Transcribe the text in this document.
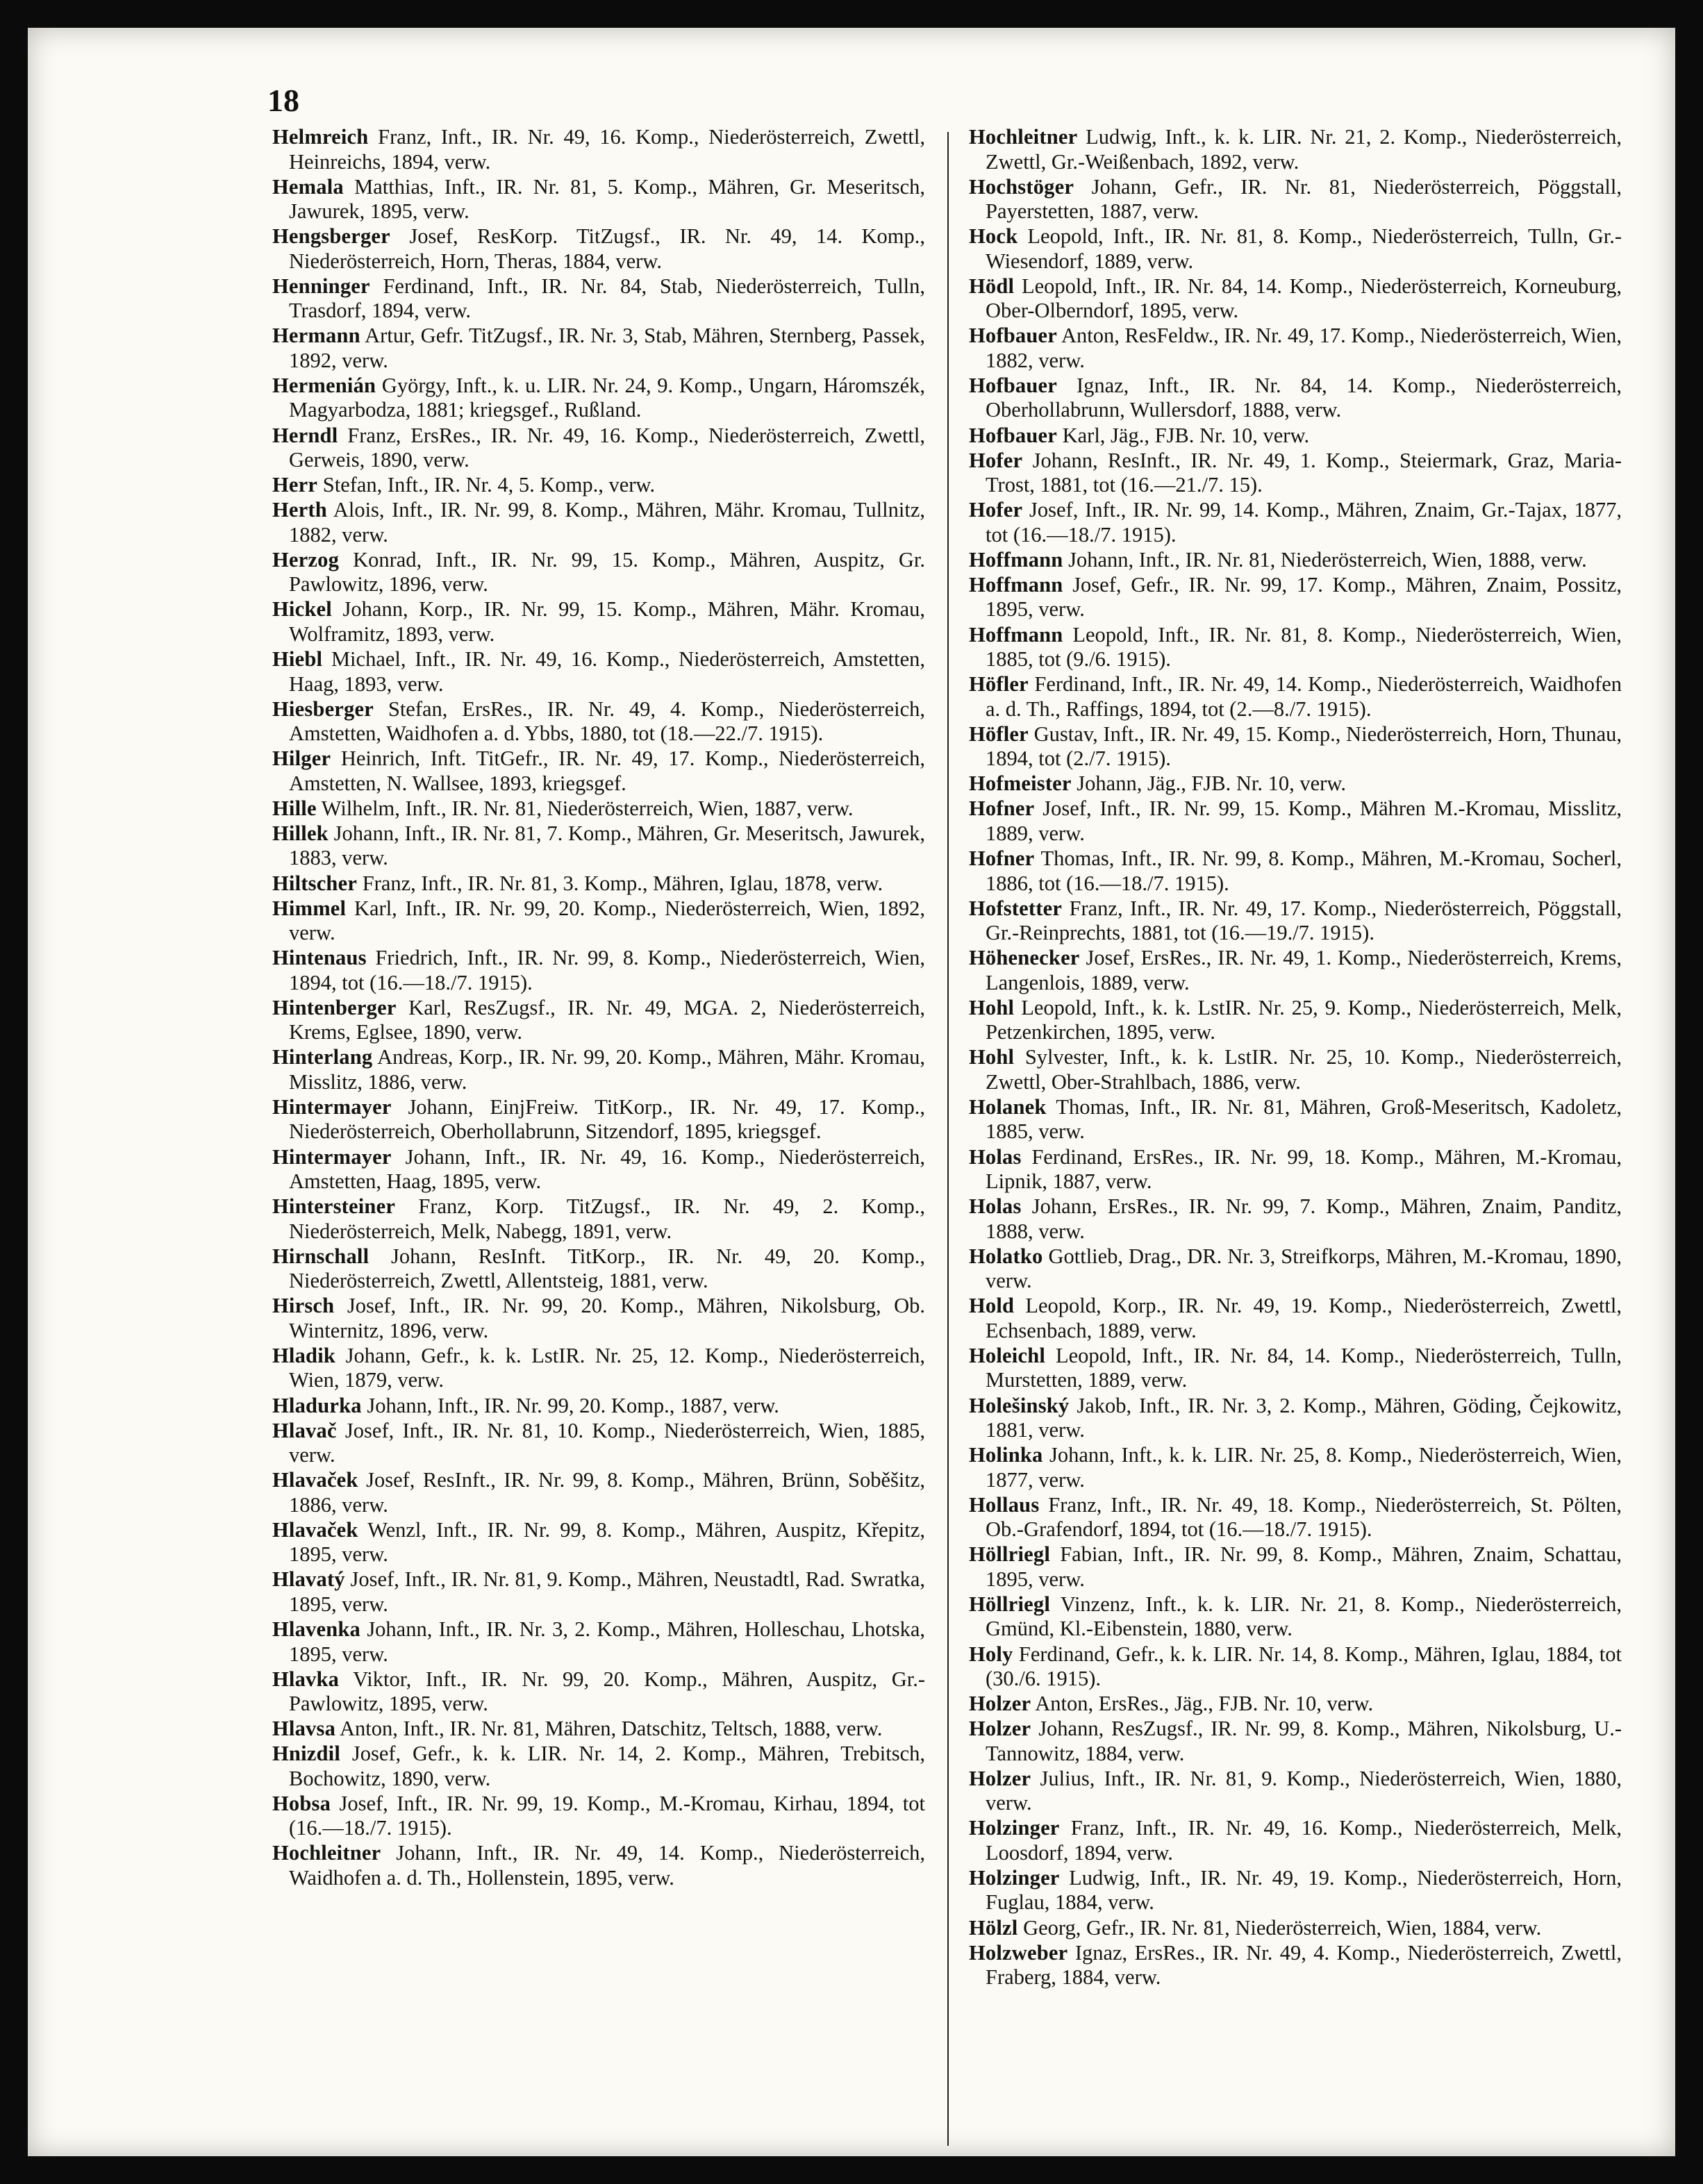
18

Helmreich Franz, Inft., IR. Nr. 49, 16. Komp., Niederösterreich, Zwettl, Heinreichs, 1894, verw.

Hemala Matthias, Inft., IR. Nr. 81, 5. Komp., Mähren, Gr. Meseritsch, Jawurek, 1895, verw.

Hengsberger Josef, ResKorp. TitZugsf., IR. Nr. 49, 14. Komp., Niederösterreich, Horn, Theras, 1884, verw.

Henninger Ferdinand, Inft., IR. Nr. 84, Stab, Niederösterreich, Tulln, Trasdorf, 1894, verw.

Hermann Artur, Gefr. TitZugsf., IR. Nr. 3, Stab, Mähren, Sternberg, Passek, 1892, verw.

Hermenián György, Inft., k. u. LIR. Nr. 24, 9. Komp., Ungarn, Háromszék, Magyarbodza, 1881; kriegsgef., Rußland.

Herndl Franz, ErsRes., IR. Nr. 49, 16. Komp., Niederösterreich, Zwettl, Gerweis, 1890, verw.

Herr Stefan, Inft., IR. Nr. 4, 5. Komp., verw.

Herth Alois, Inft., IR. Nr. 99, 8. Komp., Mähren, Mähr. Kromau, Tullnitz, 1882, verw.

Herzog Konrad, Inft., IR. Nr. 99, 15. Komp., Mähren, Auspitz, Gr. Pawlowitz, 1896, verw.

Hickel Johann, Korp., IR. Nr. 99, 15. Komp., Mähren, Mähr. Kromau, Wolframitz, 1893, verw.

Hiebl Michael, Inft., IR. Nr. 49, 16. Komp., Niederösterreich, Amstetten, Haag, 1893, verw.

Hiesberger Stefan, ErsRes., IR. Nr. 49, 4. Komp., Niederösterreich, Amstetten, Waidhofen a. d. Ybbs, 1880, tot (18.—22./7. 1915).

Hilger Heinrich, Inft. TitGefr., IR. Nr. 49, 17. Komp., Niederösterreich, Amstetten, N. Wallsee, 1893, kriegsgef.

Hille Wilhelm, Inft., IR. Nr. 81, Niederösterreich, Wien, 1887, verw.

Hillek Johann, Inft., IR. Nr. 81, 7. Komp., Mähren, Gr. Meseritsch, Jawurek, 1883, verw.

Hiltscher Franz, Inft., IR. Nr. 81, 3. Komp., Mähren, Iglau, 1878, verw.

Himmel Karl, Inft., IR. Nr. 99, 20. Komp., Niederösterreich, Wien, 1892, verw.

Hintenaus Friedrich, Inft., IR. Nr. 99, 8. Komp., Niederösterreich, Wien, 1894, tot (16.—18./7. 1915).

Hintenberger Karl, ResZugsf., IR. Nr. 49, MGA. 2, Niederösterreich, Krems, Eglsee, 1890, verw.

Hinterlang Andreas, Korp., IR. Nr. 99, 20. Komp., Mähren, Mähr. Kromau, Misslitz, 1886, verw.

Hintermayer Johann, EinjFreiw. TitKorp., IR. Nr. 49, 17. Komp., Niederösterreich, Oberhollabrunn, Sitzendorf, 1895, kriegsgef.

Hintermayer Johann, Inft., IR. Nr. 49, 16. Komp., Niederösterreich, Amstetten, Haag, 1895, verw.

Hintersteiner Franz, Korp. TitZugsf., IR. Nr. 49, 2. Komp., Niederösterreich, Melk, Nabegg, 1891, verw.

Hirnschall Johann, ResInft. TitKorp., IR. Nr. 49, 20. Komp., Niederösterreich, Zwettl, Allentsteig, 1881, verw.

Hirsch Josef, Inft., IR. Nr. 99, 20. Komp., Mähren, Nikolsburg, Ob. Winternitz, 1896, verw.

Hladik Johann, Gefr., k. k. LstIR. Nr. 25, 12. Komp., Niederösterreich, Wien, 1879, verw.

Hladurka Johann, Inft., IR. Nr. 99, 20. Komp., 1887, verw.

Hlavač Josef, Inft., IR. Nr. 81, 10. Komp., Niederösterreich, Wien, 1885, verw.

Hlavaček Josef, ResInft., IR. Nr. 99, 8. Komp., Mähren, Brünn, Soběšitz, 1886, verw.

Hlavaček Wenzl, Inft., IR. Nr. 99, 8. Komp., Mähren, Auspitz, Křepitz, 1895, verw.

Hlavatý Josef, Inft., IR. Nr. 81, 9. Komp., Mähren, Neustadtl, Rad. Swratka, 1895, verw.

Hlavenka Johann, Inft., IR. Nr. 3, 2. Komp., Mähren, Holleschau, Lhotska, 1895, verw.

Hlavka Viktor, Inft., IR. Nr. 99, 20. Komp., Mähren, Auspitz, Gr.-Pawlowitz, 1895, verw.

Hlavsa Anton, Inft., IR. Nr. 81, Mähren, Datschitz, Teltsch, 1888, verw.

Hnizdil Josef, Gefr., k. k. LIR. Nr. 14, 2. Komp., Mähren, Trebitsch, Bochowitz, 1890, verw.

Hobsa Josef, Inft., IR. Nr. 99, 19. Komp., M.-Kromau, Kirhau, 1894, tot (16.—18./7. 1915).

Hochleitner Johann, Inft., IR. Nr. 49, 14. Komp., Niederösterreich, Waidhofen a. d. Th., Hollenstein, 1895, verw.

Hochleitner Ludwig, Inft., k. k. LIR. Nr. 21, 2. Komp., Niederösterreich, Zwettl, Gr.-Weißenbach, 1892, verw.

Hochstöger Johann, Gefr., IR. Nr. 81, Niederösterreich, Pöggstall, Payerstetten, 1887, verw.

Hock Leopold, Inft., IR. Nr. 81, 8. Komp., Niederösterreich, Tulln, Gr.-Wiesendorf, 1889, verw.

Hödl Leopold, Inft., IR. Nr. 84, 14. Komp., Niederösterreich, Korneuburg, Ober-Olberndorf, 1895, verw.

Hofbauer Anton, ResFeldw., IR. Nr. 49, 17. Komp., Niederösterreich, Wien, 1882, verw.

Hofbauer Ignaz, Inft., IR. Nr. 84, 14. Komp., Niederösterreich, Oberhollabrunn, Wullersdorf, 1888, verw.

Hofbauer Karl, Jäg., FJB. Nr. 10, verw.

Hofer Johann, ResInft., IR. Nr. 49, 1. Komp., Steiermark, Graz, Maria-Trost, 1881, tot (16.—21./7. 15).

Hofer Josef, Inft., IR. Nr. 99, 14. Komp., Mähren, Znaim, Gr.-Tajax, 1877, tot (16.—18./7. 1915).

Hoffmann Johann, Inft., IR. Nr. 81, Niederösterreich, Wien, 1888, verw.

Hoffmann Josef, Gefr., IR. Nr. 99, 17. Komp., Mähren, Znaim, Possitz, 1895, verw.

Hoffmann Leopold, Inft., IR. Nr. 81, 8. Komp., Niederösterreich, Wien, 1885, tot (9./6. 1915).

Höfler Ferdinand, Inft., IR. Nr. 49, 14. Komp., Niederösterreich, Waidhofen a. d. Th., Raffings, 1894, tot (2.—8./7. 1915).

Höfler Gustav, Inft., IR. Nr. 49, 15. Komp., Niederösterreich, Horn, Thunau, 1894, tot (2./7. 1915).

Hofmeister Johann, Jäg., FJB. Nr. 10, verw.

Hofner Josef, Inft., IR. Nr. 99, 15. Komp., Mähren M.-Kromau, Misslitz, 1889, verw.

Hofner Thomas, Inft., IR. Nr. 99, 8. Komp., Mähren, M.-Kromau, Socherl, 1886, tot (16.—18./7. 1915).

Hofstetter Franz, Inft., IR. Nr. 49, 17. Komp., Niederösterreich, Pöggstall, Gr.-Reinprechts, 1881, tot (16.—19./7. 1915).

Höhenecker Josef, ErsRes., IR. Nr. 49, 1. Komp., Niederösterreich, Krems, Langenlois, 1889, verw.

Hohl Leopold, Inft., k. k. LstIR. Nr. 25, 9. Komp., Niederösterreich, Melk, Petzenkirchen, 1895, verw.

Hohl Sylvester, Inft., k. k. LstIR. Nr. 25, 10. Komp., Niederösterreich, Zwettl, Ober-Strahlbach, 1886, verw.

Holanek Thomas, Inft., IR. Nr. 81, Mähren, Groß-Meseritsch, Kadoletz, 1885, verw.

Holas Ferdinand, ErsRes., IR. Nr. 99, 18. Komp., Mähren, M.-Kromau, Lipnik, 1887, verw.

Holas Johann, ErsRes., IR. Nr. 99, 7. Komp., Mähren, Znaim, Panditz, 1888, verw.

Holatko Gottlieb, Drag., DR. Nr. 3, Streifkorps, Mähren, M.-Kromau, 1890, verw.

Hold Leopold, Korp., IR. Nr. 49, 19. Komp., Niederösterreich, Zwettl, Echsenbach, 1889, verw.

Holeichl Leopold, Inft., IR. Nr. 84, 14. Komp., Niederösterreich, Tulln, Murstetten, 1889, verw.

Holešinský Jakob, Inft., IR. Nr. 3, 2. Komp., Mähren, Göding, Čejkowitz, 1881, verw.

Holinka Johann, Inft., k. k. LIR. Nr. 25, 8. Komp., Niederösterreich, Wien, 1877, verw.

Hollaus Franz, Inft., IR. Nr. 49, 18. Komp., Niederösterreich, St. Pölten, Ob.-Grafendorf, 1894, tot (16.—18./7. 1915).

Höllriegl Fabian, Inft., IR. Nr. 99, 8. Komp., Mähren, Znaim, Schattau, 1895, verw.

Höllriegl Vinzenz, Inft., k. k. LIR. Nr. 21, 8. Komp., Niederösterreich, Gmünd, Kl.-Eibenstein, 1880, verw.

Holy Ferdinand, Gefr., k. k. LIR. Nr. 14, 8. Komp., Mähren, Iglau, 1884, tot (30./6. 1915).

Holzer Anton, ErsRes., Jäg., FJB. Nr. 10, verw.

Holzer Johann, ResZugsf., IR. Nr. 99, 8. Komp., Mähren, Nikolsburg, U.-Tannowitz, 1884, verw.

Holzer Julius, Inft., IR. Nr. 81, 9. Komp., Niederösterreich, Wien, 1880, verw.

Holzinger Franz, Inft., IR. Nr. 49, 16. Komp., Niederösterreich, Melk, Loosdorf, 1894, verw.

Holzinger Ludwig, Inft., IR. Nr. 49, 19. Komp., Niederösterreich, Horn, Fuglau, 1884, verw.

Hölzl Georg, Gefr., IR. Nr. 81, Niederösterreich, Wien, 1884, verw.

Holzweber Ignaz, ErsRes., IR. Nr. 49, 4. Komp., Niederösterreich, Zwettl, Fraberg, 1884, verw.
